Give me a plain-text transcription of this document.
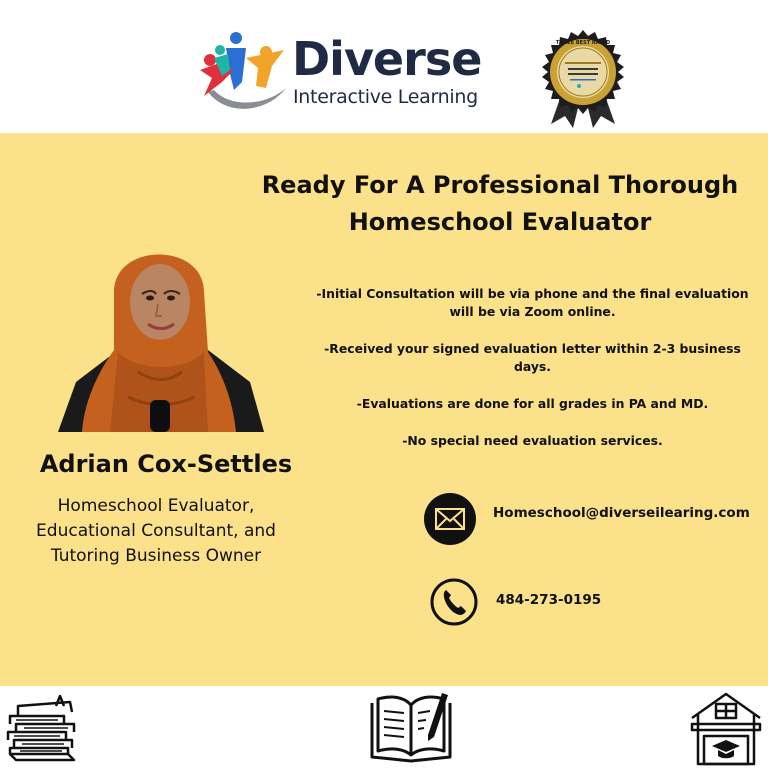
Diverse
Interactive Learning
THREE BEST RATED
Ready For A Professional Thorough
Homeschool Evaluator

-Initial Consultation will be via phone and the final evaluation will be via Zoom online.

-Received your signed evaluation letter within 2-3 business days.

-Evaluations are done for all grades in PA and MD.

-No special need evaluation services.

Adrian Cox-Settles
Homeschool Evaluator, Educational Consultant, and Tutoring Business Owner
Homeschool@diverseilearing.com
484-273-0195
